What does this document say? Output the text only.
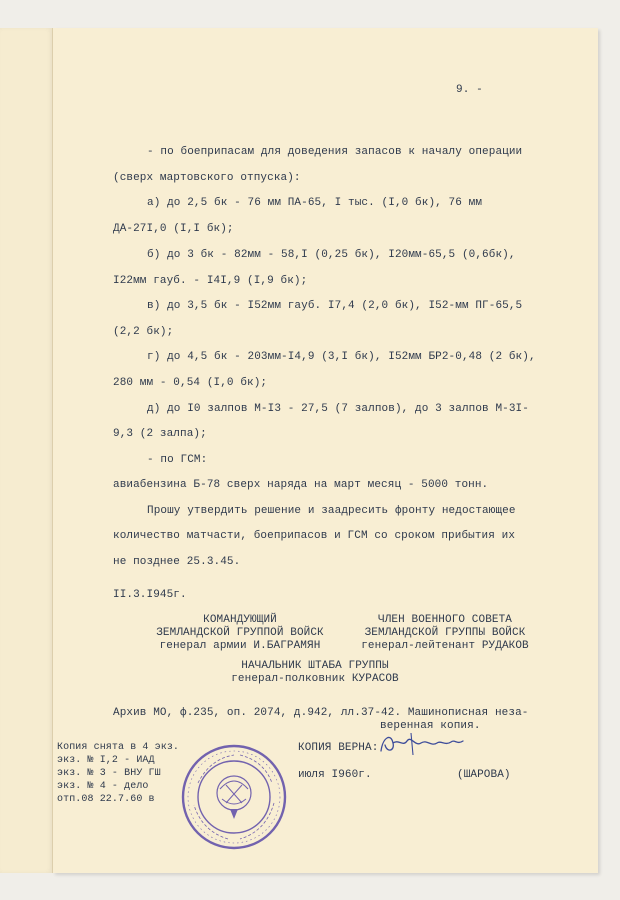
9. -
- по боеприпасам для доведения запасов к началу операции
(сверх мартовского отпуска):
а) до 2,5 бк - 76 мм ПА-65, I тыс. (I,0 бк), 76 мм
ДА-27I,0 (I,I бк);
б) до 3 бк - 82мм - 58,I (0,25 бк), I20мм-65,5 (0,6бк),
I22мм гауб. - I4I,9 (I,9 бк);
в) до 3,5 бк - I52мм гауб. I7,4 (2,0 бк), I52-мм ПГ-65,5
(2,2 бк);
г) до 4,5 бк - 203мм-I4,9 (3,I бк), I52мм БР2-0,48 (2 бк),
280 мм - 0,54 (I,0 бк);
д) до I0 залпов М-I3 - 27,5 (7 залпов), до 3 залпов М-3I-
9,3 (2 залпа);
- по ГСМ:
авиабензина Б-78 сверх наряда на март месяц - 5000 тонн.
Прошу утвердить решение и заадресить фронту недостающее
количество матчасти, боеприпасов и ГСМ со сроком прибытия их
не позднее 25.3.45.
II.3.I945г.
КОМАНДУЮЩИЙ
ЗЕМЛАНДСКОЙ ГРУППОЙ ВОЙСК
генерал армии И.БАГРАМЯН
ЧЛЕН ВОЕННОГО СОВЕТА
ЗЕМЛАНДСКОЙ ГРУППЫ ВОЙСК
генерал-лейтенант РУДАКОВ
НАЧАЛЬНИК ШТАБА ГРУППЫ
генерал-полковник КУРАСОВ
Архив МО, ф.235, оп. 2074, д.942, лл.37-42. Машинописная неза-
веренная копия.
Копия снята в 4 экз.
экз. № I,2 - ИАД
экз. № 3 - ВНУ ГШ
экз. № 4 - дело
отп.08 22.7.60 в
КОПИЯ ВЕРНА:
июля I960г.	(ШАРОВА)
